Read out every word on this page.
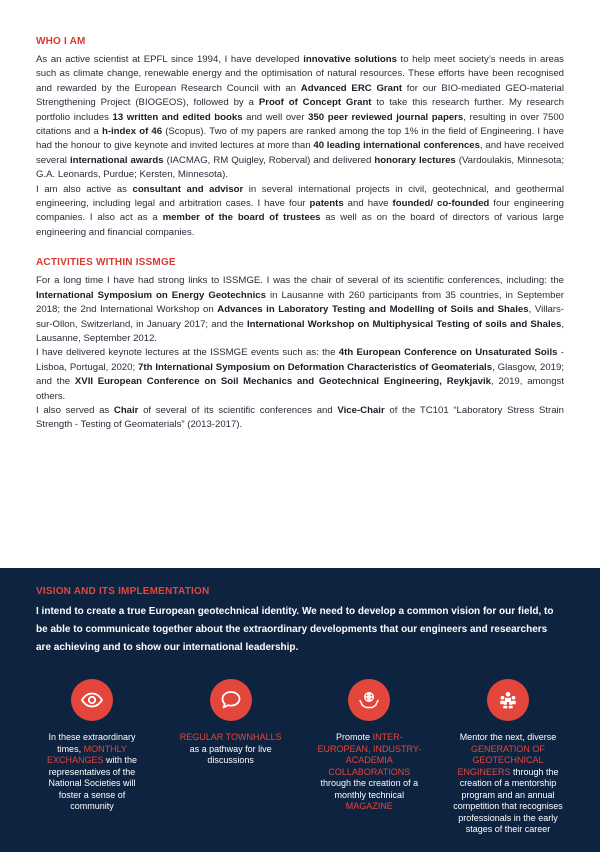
WHO I AM

As an active scientist at EPFL since 1994, I have developed innovative solutions to help meet society’s needs in areas such as climate change, renewable energy and the optimisation of natural resources. These efforts have been recognised and rewarded by the European Research Council with an Advanced ERC Grant for our BIO-mediated GEO-material Strengthening Project (BIOGEOS), followed by a Proof of Concept Grant to take this research further. My research portfolio includes 13 written and edited books and well over 350 peer reviewed journal papers, resulting in over 7500 citations and a h-index of 46 (Scopus). Two of my papers are ranked among the top 1% in the field of Engineering. I have had the honour to give keynote and invited lectures at more than 40 leading international conferences, and have received several international awards (IACMAG, RM Quigley, Roberval) and delivered honorary lectures (Vardoulakis, Minnesota; G.A. Leonards, Purdue; Kersten, Minnesota).

I am also active as consultant and advisor in several international projects in civil, geotechnical, and geothermal engineering, including legal and arbitration cases. I have four patents and have founded/ co-founded four engineering companies. I also act as a member of the board of trustees as well as on the board of directors of various large engineering and financial companies.

ACTIVITIES WITHIN ISSMGE

For a long time I have had strong links to ISSMGE. I was the chair of several of its scientific conferences, including: the International Symposium on Energy Geotechnics in Lausanne with 260 participants from 35 countries, in September 2018; the 2nd International Workshop on Advances in Laboratory Testing and Modelling of Soils and Shales, Villars-sur-Ollon, Switzerland, in January 2017; and the International Workshop on Multiphysical Testing of soils and Shales, Lausanne, September 2012.

I have delivered keynote lectures at the ISSMGE events such as: the 4th European Conference on Unsaturated Soils - Lisboa, Portugal, 2020; 7th International Symposium on Deformation Characteristics of Geomaterials, Glasgow, 2019; and the XVII European Conference on Soil Mechanics and Geotechnical Engineering, Reykjavik, 2019, amongst others.

I also served as Chair of several of its scientific conferences and Vice-Chair of the TC101 “Laboratory Stress Strain Strength - Testing of Geomaterials” (2013-2017).

VISION AND ITS IMPLEMENTATION

I intend to create a true European geotechnical identity. We need to develop a common vision for our field, to be able to communicate together about the extraordinary developments that our engineers and researchers are achieving and to show our international leadership.

In these extraordinary times, MONTHLY EXCHANGES with the representatives of the National Societies will foster a sense of community

REGULAR TOWNHALLS as a pathway for live discussions

Promote INTER-EUROPEAN, INDUSTRY-ACADEMIA COLLABORATIONS through the creation of a monthly technical MAGAZINE

Mentor the next, diverse GENERATION OF GEOTECHNICAL ENGINEERS through the creation of a mentorship program and an annual competition that recognises professionals in the early stages of their career
